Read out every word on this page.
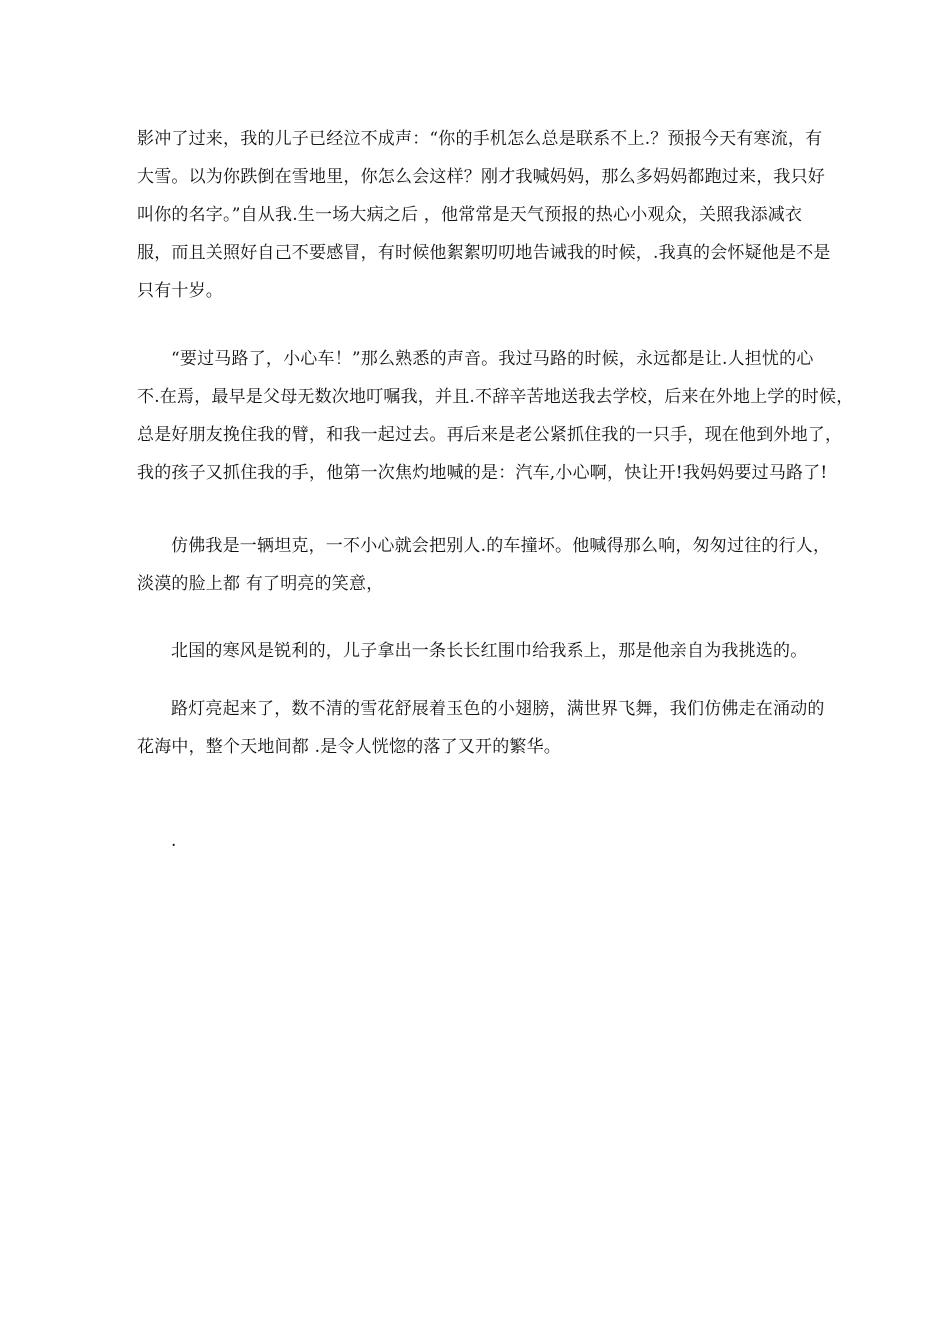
影冲了过来，我的儿子已经泣不成声：“你的手机怎么总是联系不上.？预报今天有寒流，有
大雪。以为你跌倒在雪地里，你怎么会这样？刚才我喊妈妈，那么多妈妈都跑过来，我只好
叫你的名字。”自从我.生一场大病之后 ，他常常是天气预报的热心小观众，关照我添减衣
服，而且关照好自己不要感冒，有时候他絮絮叨叨地告诫我的时候，.我真的会怀疑他是不是
只有十岁。

“要过马路了，小心车！”那么熟悉的声音。我过马路的时候，永远都是让.人担忧的心
不.在焉，最早是父母无数次地叮嘱我，并且.不辞辛苦地送我去学校，后来在外地上学的时候，
总是好朋友挽住我的臂，和我一起过去。再后来是老公紧抓住我的一只手，现在他到外地了，
我的孩子又抓住我的手，他第一次焦灼地喊的是：汽车,小心啊，快让开!我妈妈要过马路了!

仿佛我是一辆坦克，一不小心就会把别人.的车撞坏。他喊得那么响，匆匆过往的行人，
淡漠的脸上都 有了明亮的笑意，

北国的寒风是锐利的，儿子拿出一条长长红围巾给我系上，那是他亲自为我挑选的。

路灯亮起来了，数不清的雪花舒展着玉色的小翅膀，满世界飞舞，我们仿佛走在涌动的
花海中，整个天地间都 .是令人恍惚的落了又开的繁华。

.
